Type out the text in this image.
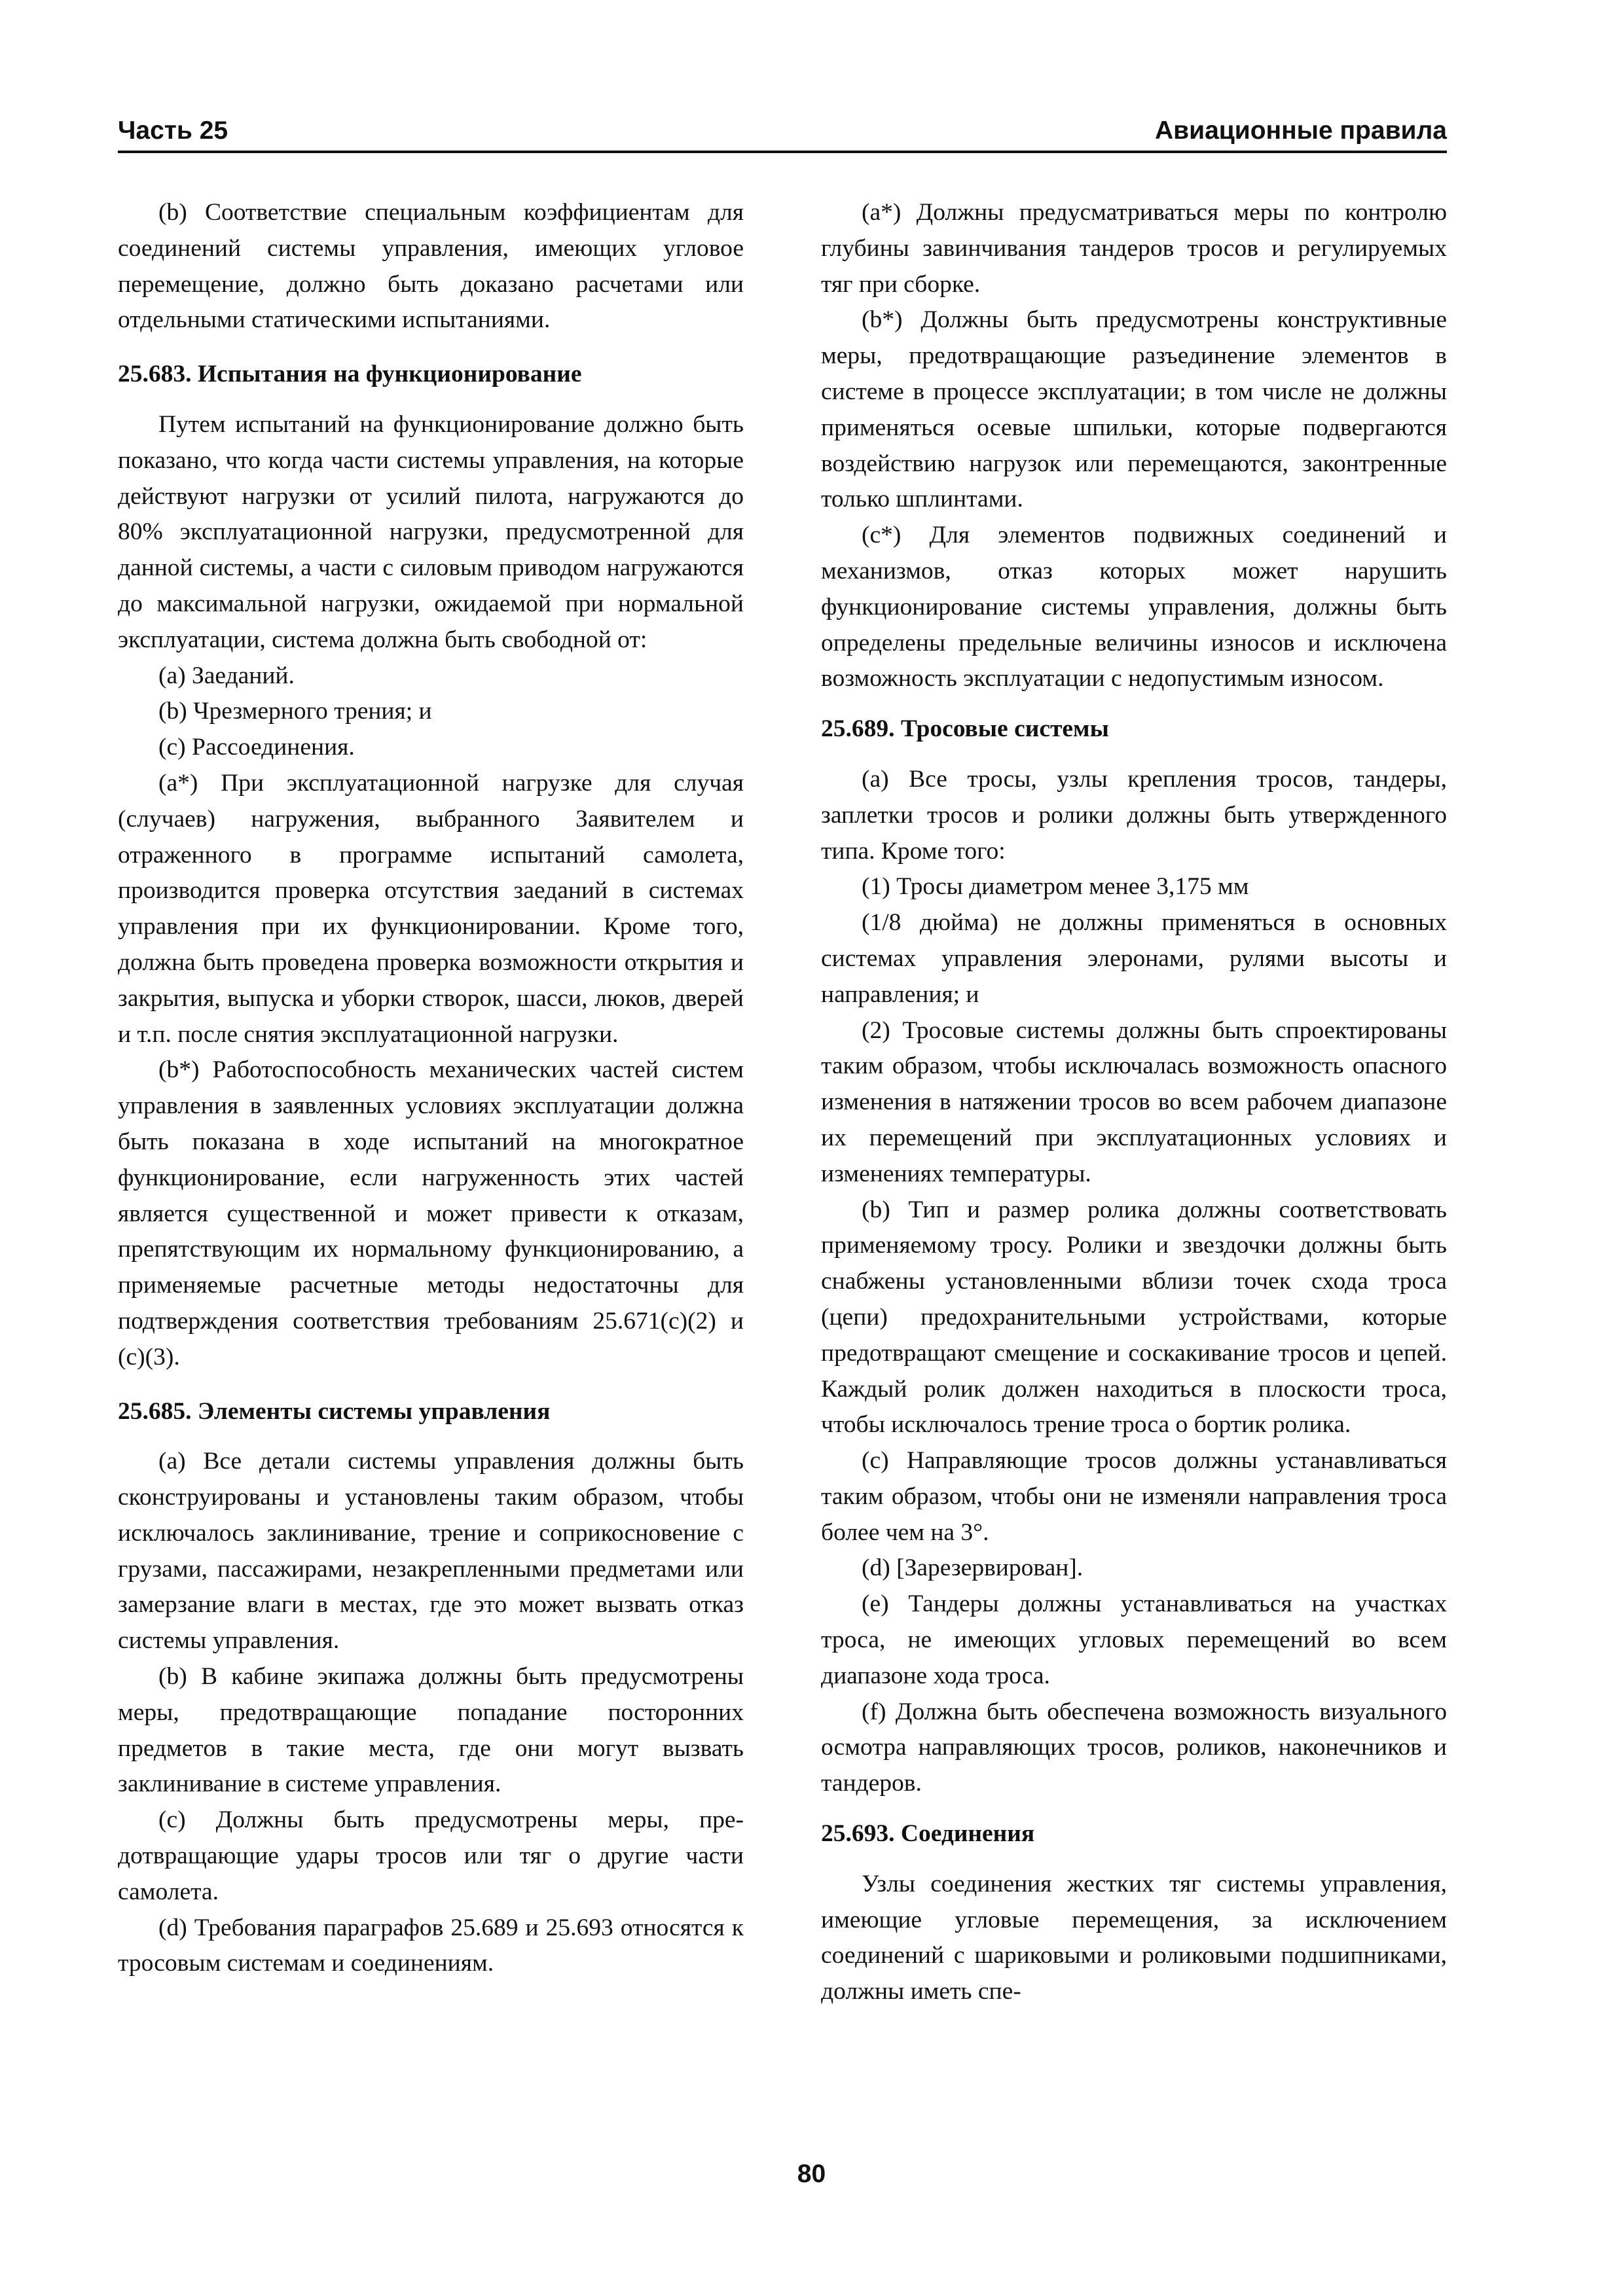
Часть 25	Авиационные правила

(b) Соответствие специальным коэффициентам для соединений системы управления, имеющих угловое перемещение, должно быть доказано расчетами или отдельными статическими испытаниями.

25.683. Испытания на функционирование

Путем испытаний на функционирование должно быть показано, что когда части системы управления, на которые действуют нагрузки от усилий пилота, нагружаются до 80% эксплуатационной нагрузки, предусмотренной для данной системы, а части с силовым приводом нагружаются до максимальной нагрузки, ожидаемой при нормальной эксплуатации, система должна быть свободной от:

(a) Заеданий.

(b) Чрезмерного трения; и

(c) Рассоединения.

(a*) При эксплуатационной нагрузке для случая (случаев) нагружения, выбранного Заявителем и отраженного в программе испытаний самолета, производится проверка отсутствия заеданий в системах управления при их функционировании. Кроме того, должна быть проведена проверка возможности открытия и закрытия, выпуска и уборки створок, шасси, люков, дверей и т.п. после снятия эксплуатационной нагрузки.

(b*) Работоспособность механических частей систем управления в заявленных условиях эксплуатации должна быть показана в ходе испытаний на многократное функционирование, если нагруженность этих частей является существенной и может привести к отказам, препятствующим их нормальному функционированию, а применяемые расчетные методы недостаточны для подтверждения соответствия требованиям 25.671(c)(2) и (c)(3).

25.685. Элементы системы управления

(a) Все детали системы управления должны быть сконструированы и установлены таким образом, чтобы исключалось заклинивание, трение и соприкосновение с грузами, пассажирами, незакрепленными предметами или замерзание влаги в местах, где это может вызвать отказ системы управления.

(b) В кабине экипажа должны быть предусмотрены меры, предотвращающие попадание посторонних предметов в такие места, где они могут вызвать заклинивание в системе управления.

(c) Должны быть предусмотрены меры, предотвращающие удары тросов или тяг о другие части самолета.

(d) Требования параграфов 25.689 и 25.693 относятся к тросовым системам и соединениям.

(a*) Должны предусматриваться меры по контролю глубины завинчивания тандеров тросов и регулируемых тяг при сборке.

(b*) Должны быть предусмотрены конструктивные меры, предотвращающие разъединение элементов в системе в процессе эксплуатации; в том числе не должны применяться осевые шпильки, которые подвергаются воздействию нагрузок или перемещаются, законтренные только шплинтами.

(c*) Для элементов подвижных соединений и механизмов, отказ которых может нарушить функционирование системы управления, должны быть определены предельные величины износов и исключена возможность эксплуатации с недопустимым износом.

25.689. Тросовые системы

(a) Все тросы, узлы крепления тросов, тандеры, заплетки тросов и ролики должны быть утвержденного типа. Кроме того:

(1) Тросы диаметром менее 3,175 мм

(1/8 дюйма) не должны применяться в основных системах управления элеронами, рулями высоты и направления; и

(2) Тросовые системы должны быть спроектированы таким образом, чтобы исключалась возможность опасного изменения в натяжении тросов во всем рабочем диапазоне их перемещений при эксплуатационных условиях и изменениях температуры.

(b) Тип и размер ролика должны соответствовать применяемому тросу. Ролики и звездочки должны быть снабжены установленными вблизи точек схода троса (цепи) предохранительными устройствами, которые предотвращают смещение и соскакивание тросов и цепей. Каждый ролик должен находиться в плоскости троса, чтобы исключалось трение троса о бортик ролика.

(c) Направляющие тросов должны устанавливаться таким образом, чтобы они не изменяли направления троса более чем на 3°.

(d) [Зарезервирован].

(e) Тандеры должны устанавливаться на участках троса, не имеющих угловых перемещений во всем диапазоне хода троса.

(f) Должна быть обеспечена возможность визуального осмотра направляющих тросов, роликов, наконечников и тандеров.

25.693. Соединения

Узлы соединения жестких тяг системы управления, имеющие угловые перемещения, за исключением соединений с шариковыми и роликовыми подшипниками, должны иметь спе-

80
